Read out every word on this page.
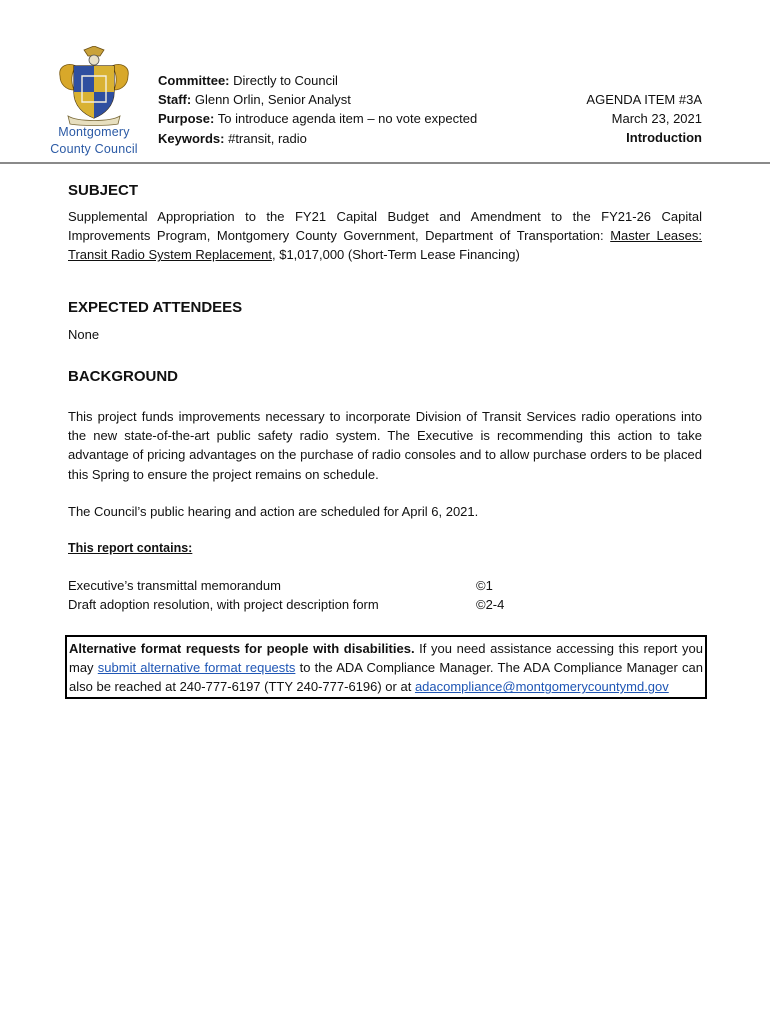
Montgomery
County Council
Committee: Directly to Council
Staff: Glenn Orlin, Senior Analyst
Purpose: To introduce agenda item – no vote expected
Keywords: #transit, radio
AGENDA ITEM #3A
March 23, 2021
Introduction
SUBJECT

Supplemental Appropriation to the FY21 Capital Budget and Amendment to the FY21-26 Capital Improvements Program, Montgomery County Government, Department of Transportation: Master Leases: Transit Radio System Replacement, $1,017,000 (Short-Term Lease Financing)

EXPECTED ATTENDEES

None

BACKGROUND

This project funds improvements necessary to incorporate Division of Transit Services radio operations into the new state-of-the-art public safety radio system. The Executive is recommending this action to take advantage of pricing advantages on the purchase of radio consoles and to allow purchase orders to be placed this Spring to ensure the project remains on schedule.

The Council’s public hearing and action are scheduled for April 6, 2021.

This report contains:

Executive’s transmittal memorandum	©1
Draft adoption resolution, with project description form	©2-4
Alternative format requests for people with disabilities. If you need assistance accessing this report you may submit alternative format requests to the ADA Compliance Manager. The ADA Compliance Manager can also be reached at 240-777-6197 (TTY 240-777-6196) or at adacompliance@montgomerycountymd.gov
